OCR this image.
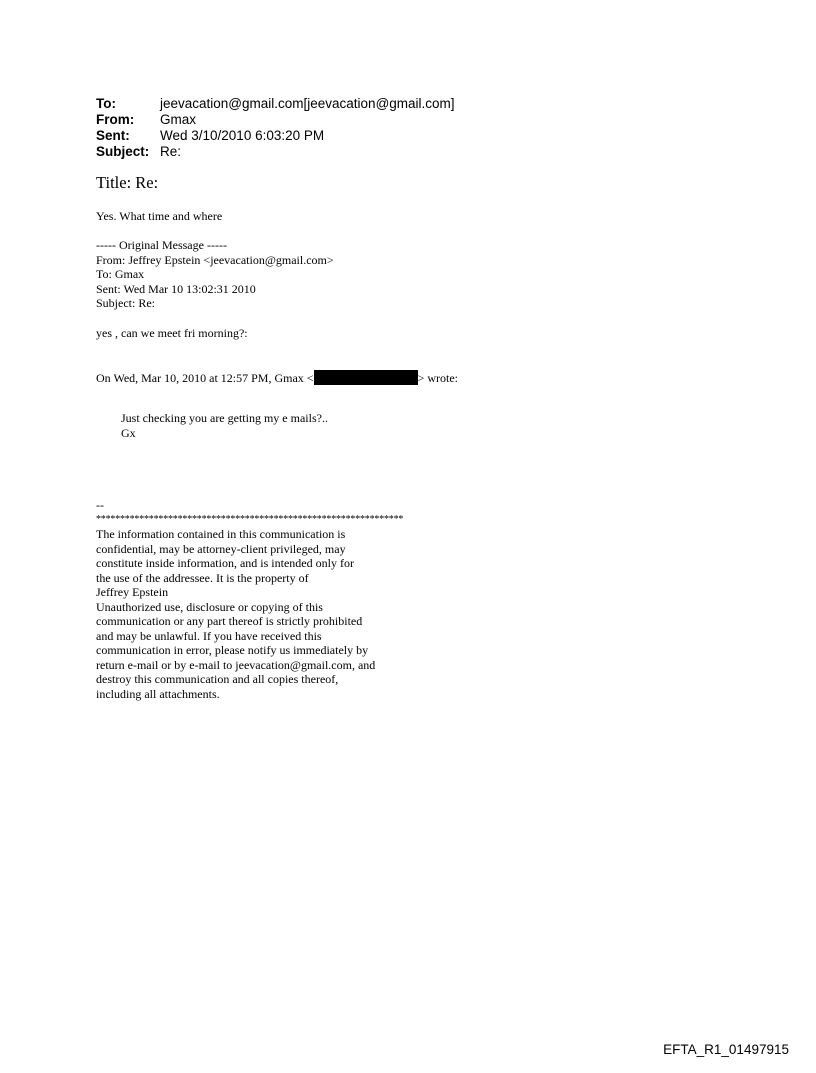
To:	jeevacation@gmail.com[jeevacation@gmail.com]
From:	Gmax
Sent:	Wed 3/10/2010 6:03:20 PM
Subject: Re:
Title: Re:
Yes. What time and where
----- Original Message -----
From: Jeffrey Epstein <jeevacation@gmail.com>
To: Gmax
Sent: Wed Mar 10 13:02:31 2010
Subject: Re:
yes , can we meet fri morning?:
On Wed, Mar 10, 2010 at 12:57 PM, Gmax <	> wrote:
Just checking you are getting my e mails?..
Gx
--
****************************************************************
The information contained in this communication is
confidential, may be attorney-client privileged, may
constitute inside information, and is intended only for
the use of the addressee. It is the property of
Jeffrey Epstein
Unauthorized use, disclosure or copying of this
communication or any part thereof is strictly prohibited
and may be unlawful. If you have received this
communication in error, please notify us immediately by
return e-mail or by e-mail to jeevacation@gmail.com, and
destroy this communication and all copies thereof,
including all attachments.
EFTA_R1_01497915
